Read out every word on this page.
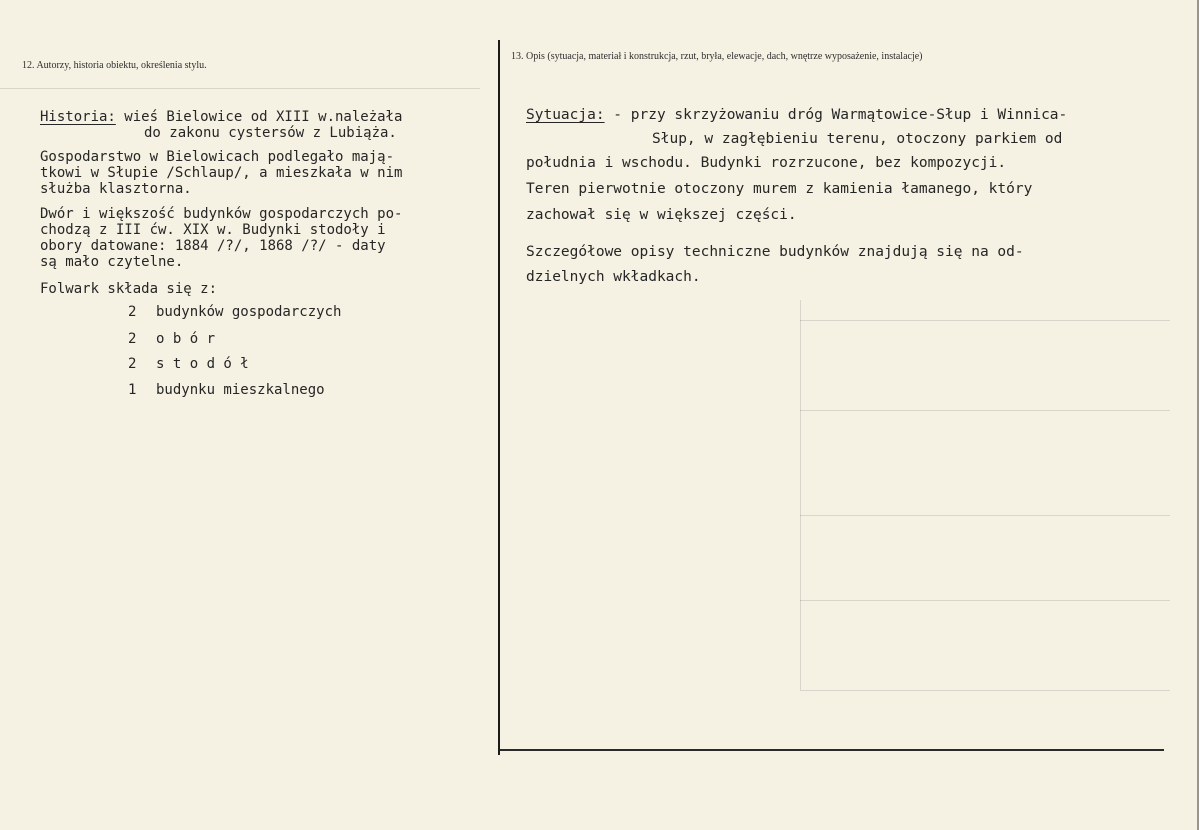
12. Autorzy, historia obiektu, określenia stylu.
13. Opis (sytuacja, materiał i konstrukcja, rzut, bryła, elewacje, dach, wnętrze wyposażenie, instalacje)
Historia: wieś Bielowice od XIII w.należała
do zakonu cystersów z Lubiąża.
Gospodarstwo w Bielowicach podlegało mają-
tkowi w Słupie /Schlaup/, a mieszkała w nim
służba klasztorna.
Dwór i większość budynków gospodarczych po-
chodzą z III ćw. XIX w. Budynki stodoły i
obory datowane: 1884 /?/, 1868 /?/ - daty
są mało czytelne.
Folwark składa się z:
2 budynków gospodarczych
2 o b ó r
2 s t o d ó ł
1 budynku mieszkalnego
Sytuacja: - przy skrzyżowaniu dróg Warmątowice-Słup i Winnica-
Słup, w zagłębieniu terenu, otoczony parkiem od
południa i wschodu. Budynki rozrzucone, bez kompozycji.
Teren pierwotnie otoczony murem z kamienia łamanego, który
zachował się w większej części.
Szczegółowe opisy techniczne budynków znajdują się na od-
dzielnych wkładkach.
